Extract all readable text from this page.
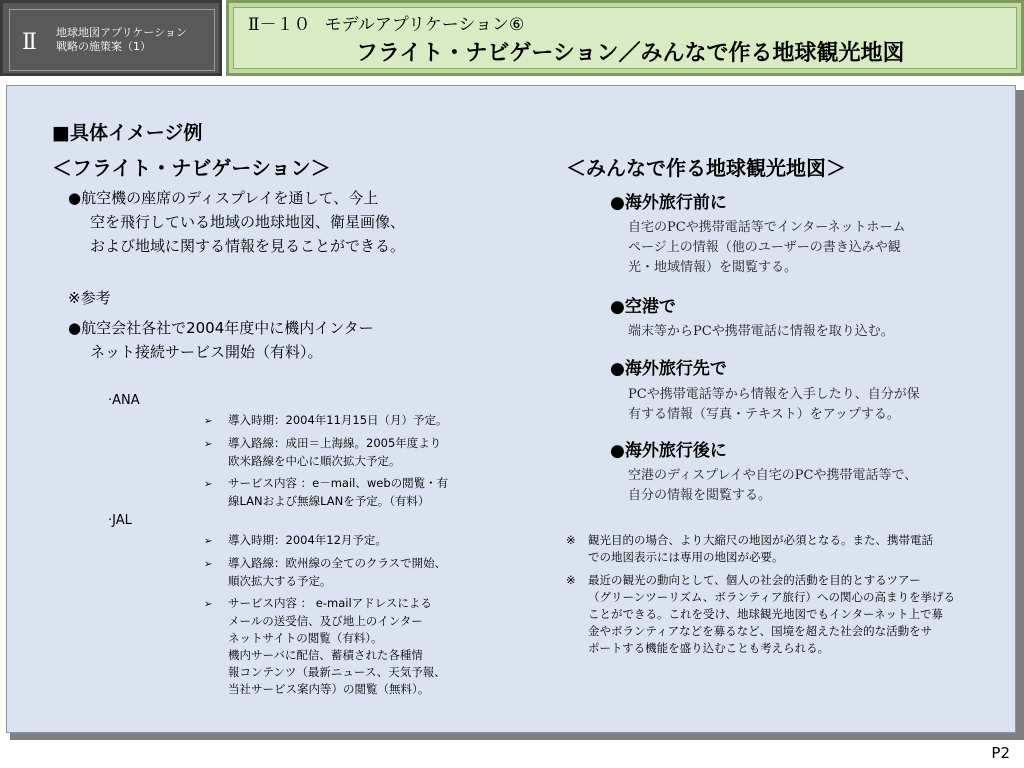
Ⅱ 地球地図アプリケーション
戦略の施策案（1）
Ⅱ－１０ モデルアプリケーション⑥
フライト・ナビゲーション／みんなで作る地球観光地図
■具体イメージ例
＜フライト・ナビゲーション＞
●航空機の座席のディスプレイを通して、今上
空を飛行している地域の地球地図、衛星画像、
および地域に関する情報を見ることができる。
※参考
●航空会社各社で2004年度中に機内インター
ネット接続サービス開始（有料）。
·ANA
➢ 導入時期：2004年11月15日（月）予定。
➢ 導入路線：成田＝上海線。2005年度より
欧米路線を中心に順次拡大予定。
➢ サービス内容 ：e－mail、webの閲覧・有
線LANおよび無線LANを予定。（有料）
·JAL
➢ 導入時期：2004年12月予定。
➢ 導入路線：欧州線の全てのクラスで開始、
順次拡大する予定。
➢ サービス内容 ： e-mailアドレスによる
メールの送受信、及び地上のインター
ネットサイトの閲覧（有料）。
機内サーバに配信、蓄積された各種情
報コンテンツ（最新ニュース、天気予報、
当社サービス案内等）の閲覧（無料）。
＜みんなで作る地球観光地図＞
●海外旅行前に
自宅のPCや携帯電話等でインターネットホーム
ページ上の情報（他のユーザーの書き込みや観
光・地域情報）を閲覧する。
●空港で
端末等からPCや携帯電話に情報を取り込む。
●海外旅行先で
PCや携帯電話等から情報を入手したり、自分が保
有する情報（写真・テキスト）をアップする。
●海外旅行後に
空港のディスプレイや自宅のPCや携帯電話等で、
自分の情報を閲覧する。
※ 観光目的の場合、より大縮尺の地図が必須となる。また、携帯電話
での地図表示には専用の地図が必要。
※ 最近の観光の動向として、個人の社会的活動を目的とするツアー
（グリーンツーリズム、ボランティア旅行）への関心の高まりを挙げる
ことができる。これを受け、地球観光地図でもインターネット上で募
金やボランティアなどを募るなど、国境を超えた社会的な活動をサ
ポートする機能を盛り込むことも考えられる。
P2
